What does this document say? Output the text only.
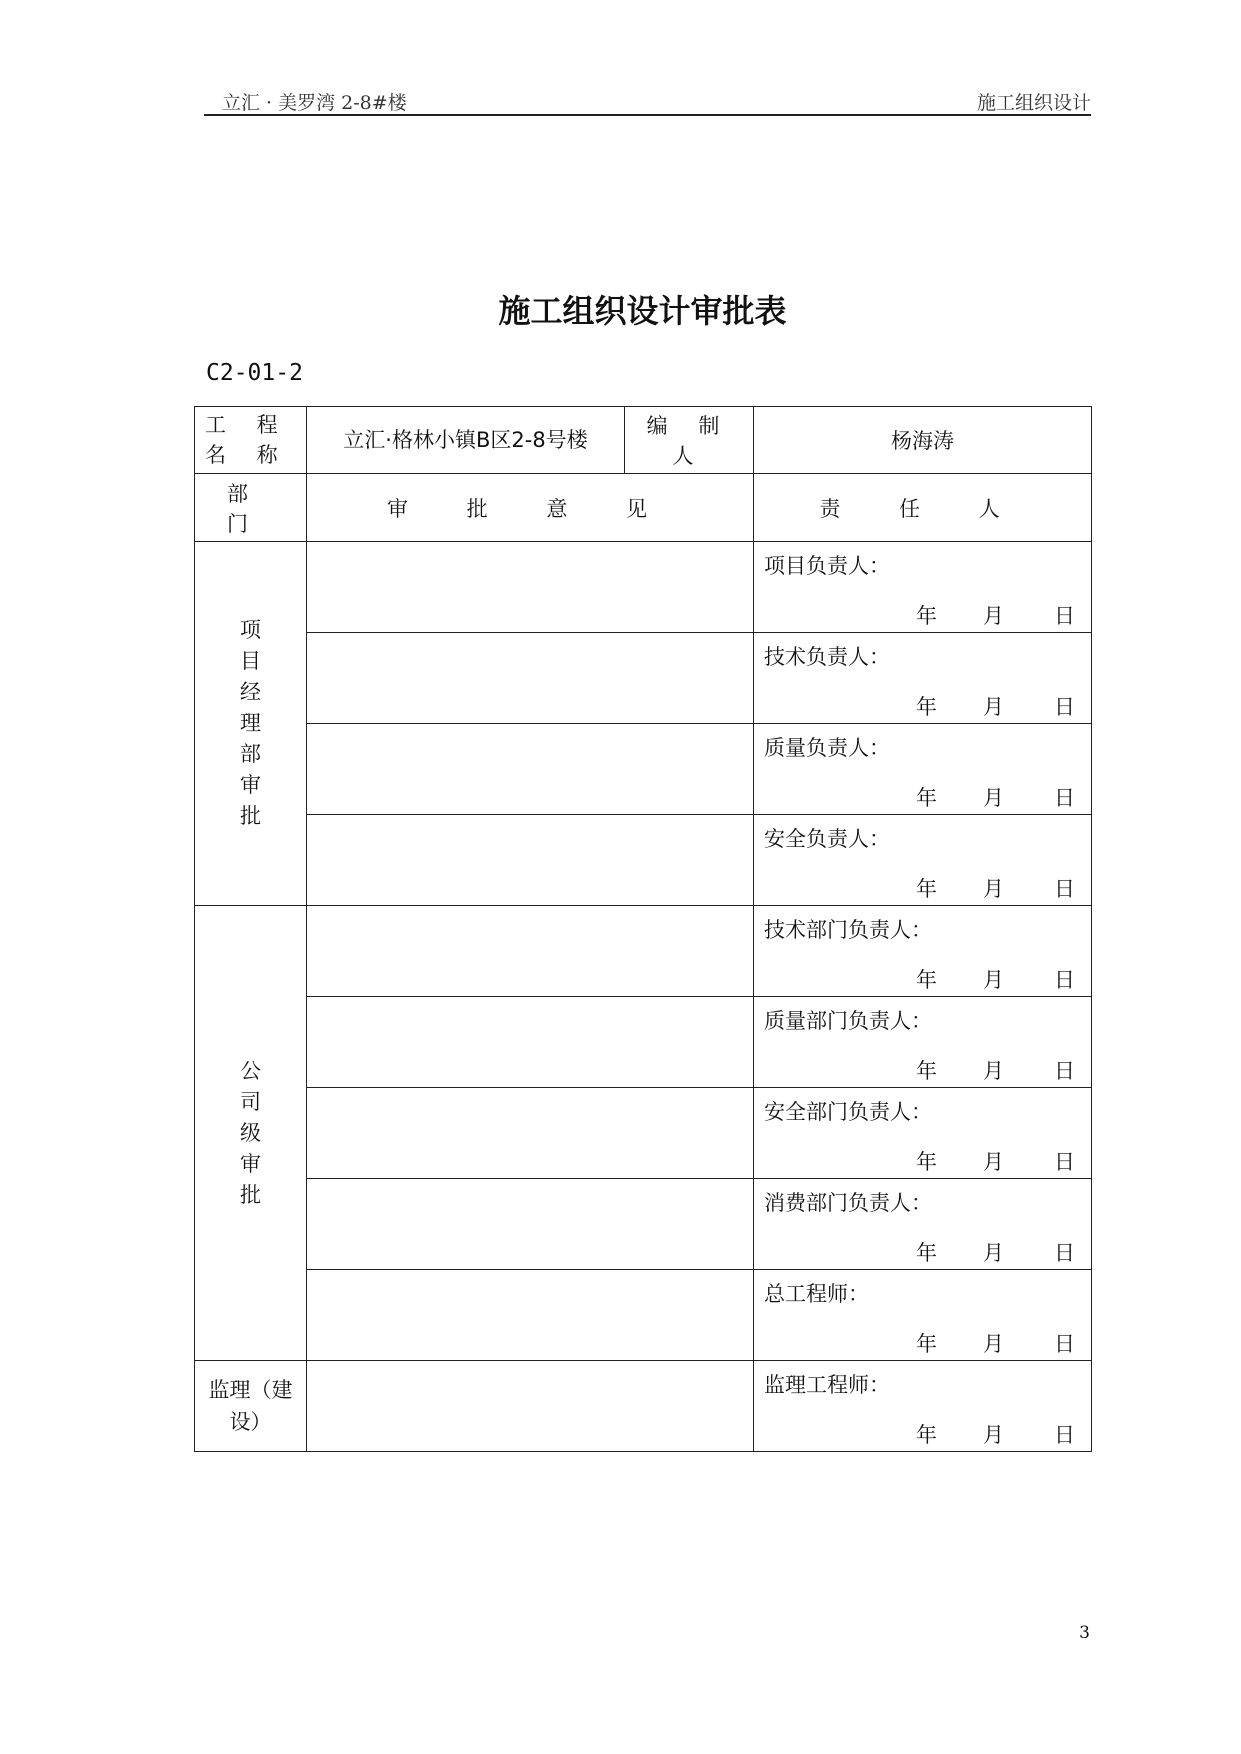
立汇 · 美罗湾 2-8#楼	施工组织设计
施工组织设计审批表
C2-01-2
工 程 名 称	立汇·格林小镇B区2-8号楼	编 制 人	杨海涛
部 门	审 批 意 见		责 任 人
项目经理部审批			项目负责人：
年 月 日

			技术负责人：
年 月 日

			质量负责人：
年 月 日

			安全负责人：
年 月 日

公司级审批			技术部门负责人：
年 月 日

			质量部门负责人：
年 月 日

			安全部门负责人：
年 月 日

			消费部门负责人：
年 月 日

			总工程师：
年 月 日

监理（建设）			监理工程师：
年 月 日
3
